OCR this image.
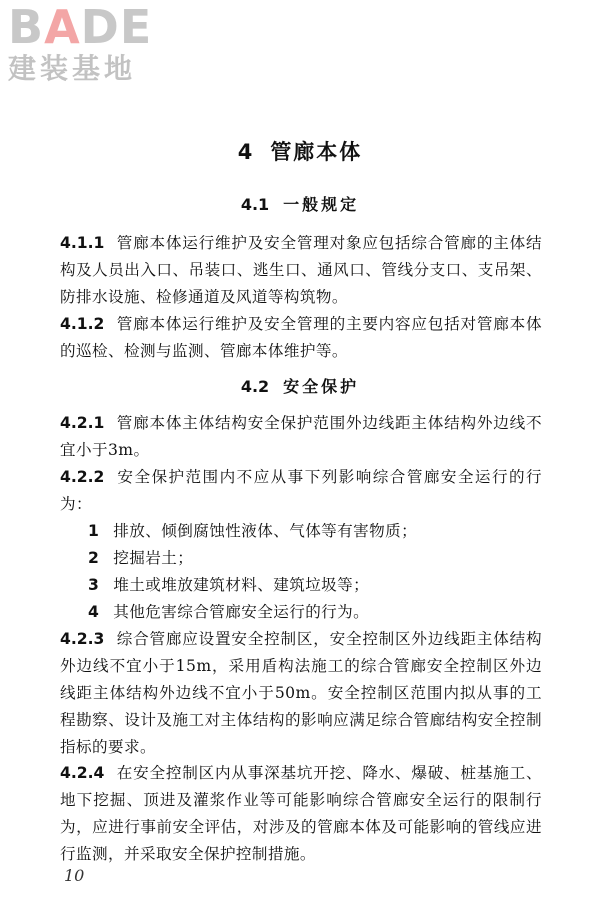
BADE
建装基地
4 管廊本体
4.1 一般规定
4.1.1 管廊本体运行维护及安全管理对象应包括综合管廊的主体结构及人员出入口、吊装口、逃生口、通风口、管线分支口、支吊架、防排水设施、检修通道及风道等构筑物。
4.1.2 管廊本体运行维护及安全管理的主要内容应包括对管廊本体的巡检、检测与监测、管廊本体维护等。
4.2 安全保护
4.2.1 管廊本体主体结构安全保护范围外边线距主体结构外边线不宜小于3m。
4.2.2 安全保护范围内不应从事下列影响综合管廊安全运行的行为：
1 排放、倾倒腐蚀性液体、气体等有害物质；
2 挖掘岩土；
3 堆土或堆放建筑材料、建筑垃圾等；
4 其他危害综合管廊安全运行的行为。
4.2.3 综合管廊应设置安全控制区，安全控制区外边线距主体结构外边线不宜小于15m，采用盾构法施工的综合管廊安全控制区外边线距主体结构外边线不宜小于50m。安全控制区范围内拟从事的工程勘察、设计及施工对主体结构的影响应满足综合管廊结构安全控制指标的要求。
4.2.4 在安全控制区内从事深基坑开挖、降水、爆破、桩基施工、地下挖掘、顶进及灌浆作业等可能影响综合管廊安全运行的限制行为，应进行事前安全评估，对涉及的管廊本体及可能影响的管线应进行监测，并采取安全保护控制措施。
10
